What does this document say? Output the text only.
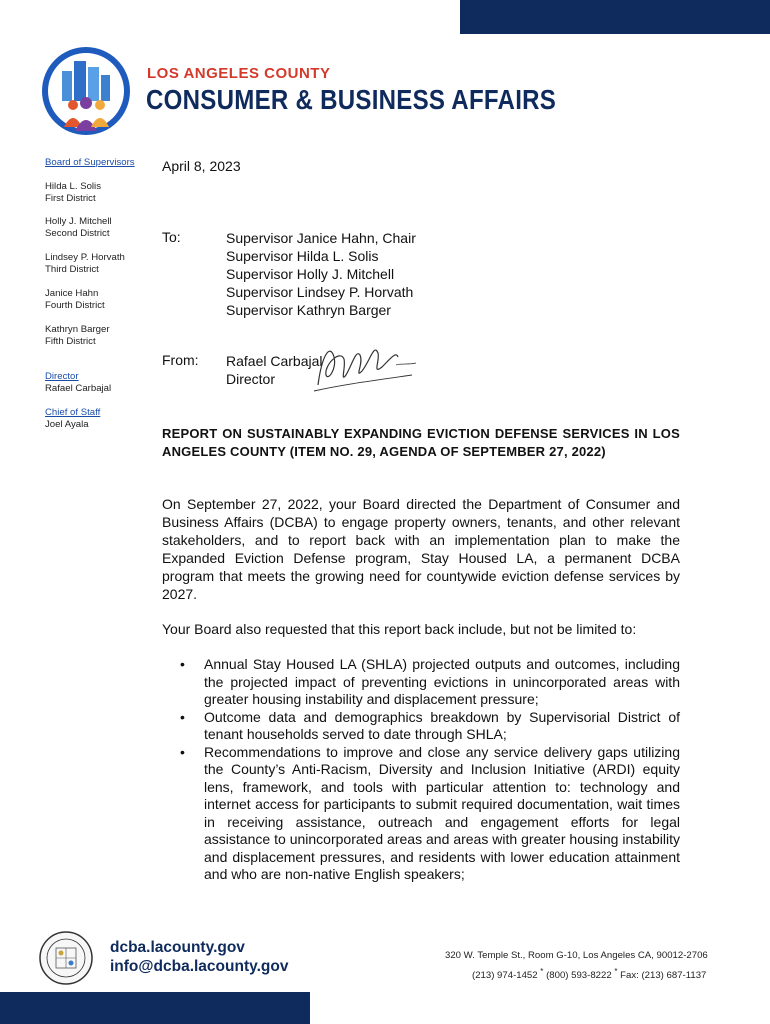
LOS ANGELES COUNTY
CONSUMER & BUSINESS AFFAIRS
Board of Supervisors
Hilda L. Solis
First District
Holly J. Mitchell
Second District
Lindsey P. Horvath
Third District
Janice Hahn
Fourth District
Kathryn Barger
Fifth District
Director
Rafael Carbajal
Chief of Staff
Joel Ayala
April 8, 2023
To:	Supervisor Janice Hahn, Chair
Supervisor Hilda L. Solis
Supervisor Holly J. Mitchell
Supervisor Lindsey P. Horvath
Supervisor Kathryn Barger
From: Rafael Carbajal
Director
REPORT ON SUSTAINABLY EXPANDING EVICTION DEFENSE SERVICES IN LOS ANGELES COUNTY (ITEM NO. 29, AGENDA OF SEPTEMBER 27, 2022)
On September 27, 2022, your Board directed the Department of Consumer and Business Affairs (DCBA) to engage property owners, tenants, and other relevant stakeholders, and to report back with an implementation plan to make the Expanded Eviction Defense program, Stay Housed LA, a permanent DCBA program that meets the growing need for countywide eviction defense services by 2027.
Your Board also requested that this report back include, but not be limited to:
• Annual Stay Housed LA (SHLA) projected outputs and outcomes, including the projected impact of preventing evictions in unincorporated areas with greater housing instability and displacement pressure;
• Outcome data and demographics breakdown by Supervisorial District of tenant households served to date through SHLA;
• Recommendations to improve and close any service delivery gaps utilizing the County’s Anti-Racism, Diversity and Inclusion Initiative (ARDI) equity lens, framework, and tools with particular attention to: technology and internet access for participants to submit required documentation, wait times in receiving assistance, outreach and engagement efforts for legal assistance to unincorporated areas and areas with greater housing instability and displacement pressures, and residents with lower education attainment and who are non-native English speakers;
dcba.lacounty.gov
info@dcba.lacounty.gov
320 W. Temple St., Room G-10, Los Angeles CA, 90012-2706
(213) 974-1452 * (800) 593-8222 * Fax: (213) 687-1137
